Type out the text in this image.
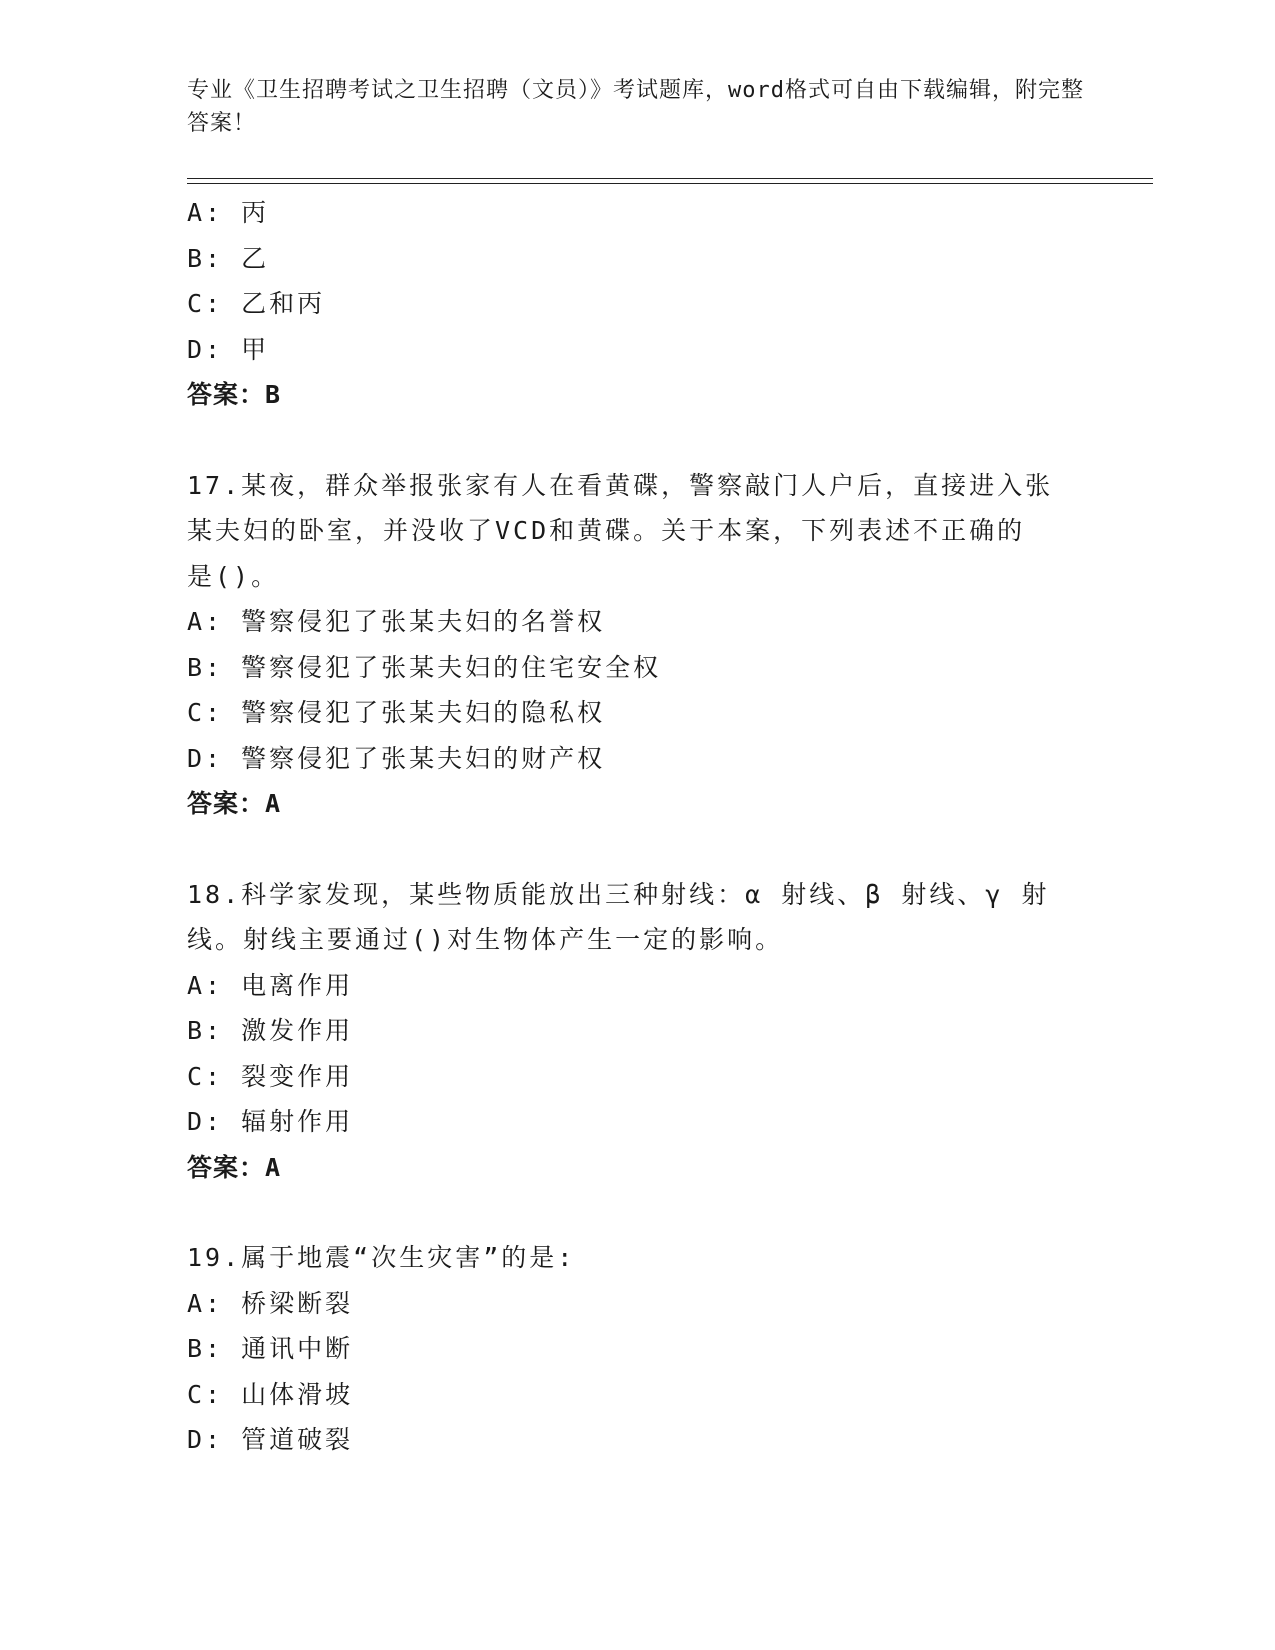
专业《卫生招聘考试之卫生招聘（文员）》考试题库，word格式可自由下载编辑，附完整答案！
A: 丙
B: 乙
C: 乙和丙
D: 甲
答案：B
17.某夜，群众举报张家有人在看黄碟，警察敲门人户后，直接进入张
某夫妇的卧室，并没收了VCD和黄碟。关于本案，下列表述不正确的
是()。
A: 警察侵犯了张某夫妇的名誉权
B: 警察侵犯了张某夫妇的住宅安全权
C: 警察侵犯了张某夫妇的隐私权
D: 警察侵犯了张某夫妇的财产权
答案：A
18.科学家发现，某些物质能放出三种射线：α 射线、β 射线、γ 射
线。射线主要通过()对生物体产生一定的影响。
A: 电离作用
B: 激发作用
C: 裂变作用
D: 辐射作用
答案：A
19.属于地震“次生灾害”的是:
A: 桥梁断裂
B: 通讯中断
C: 山体滑坡
D: 管道破裂
